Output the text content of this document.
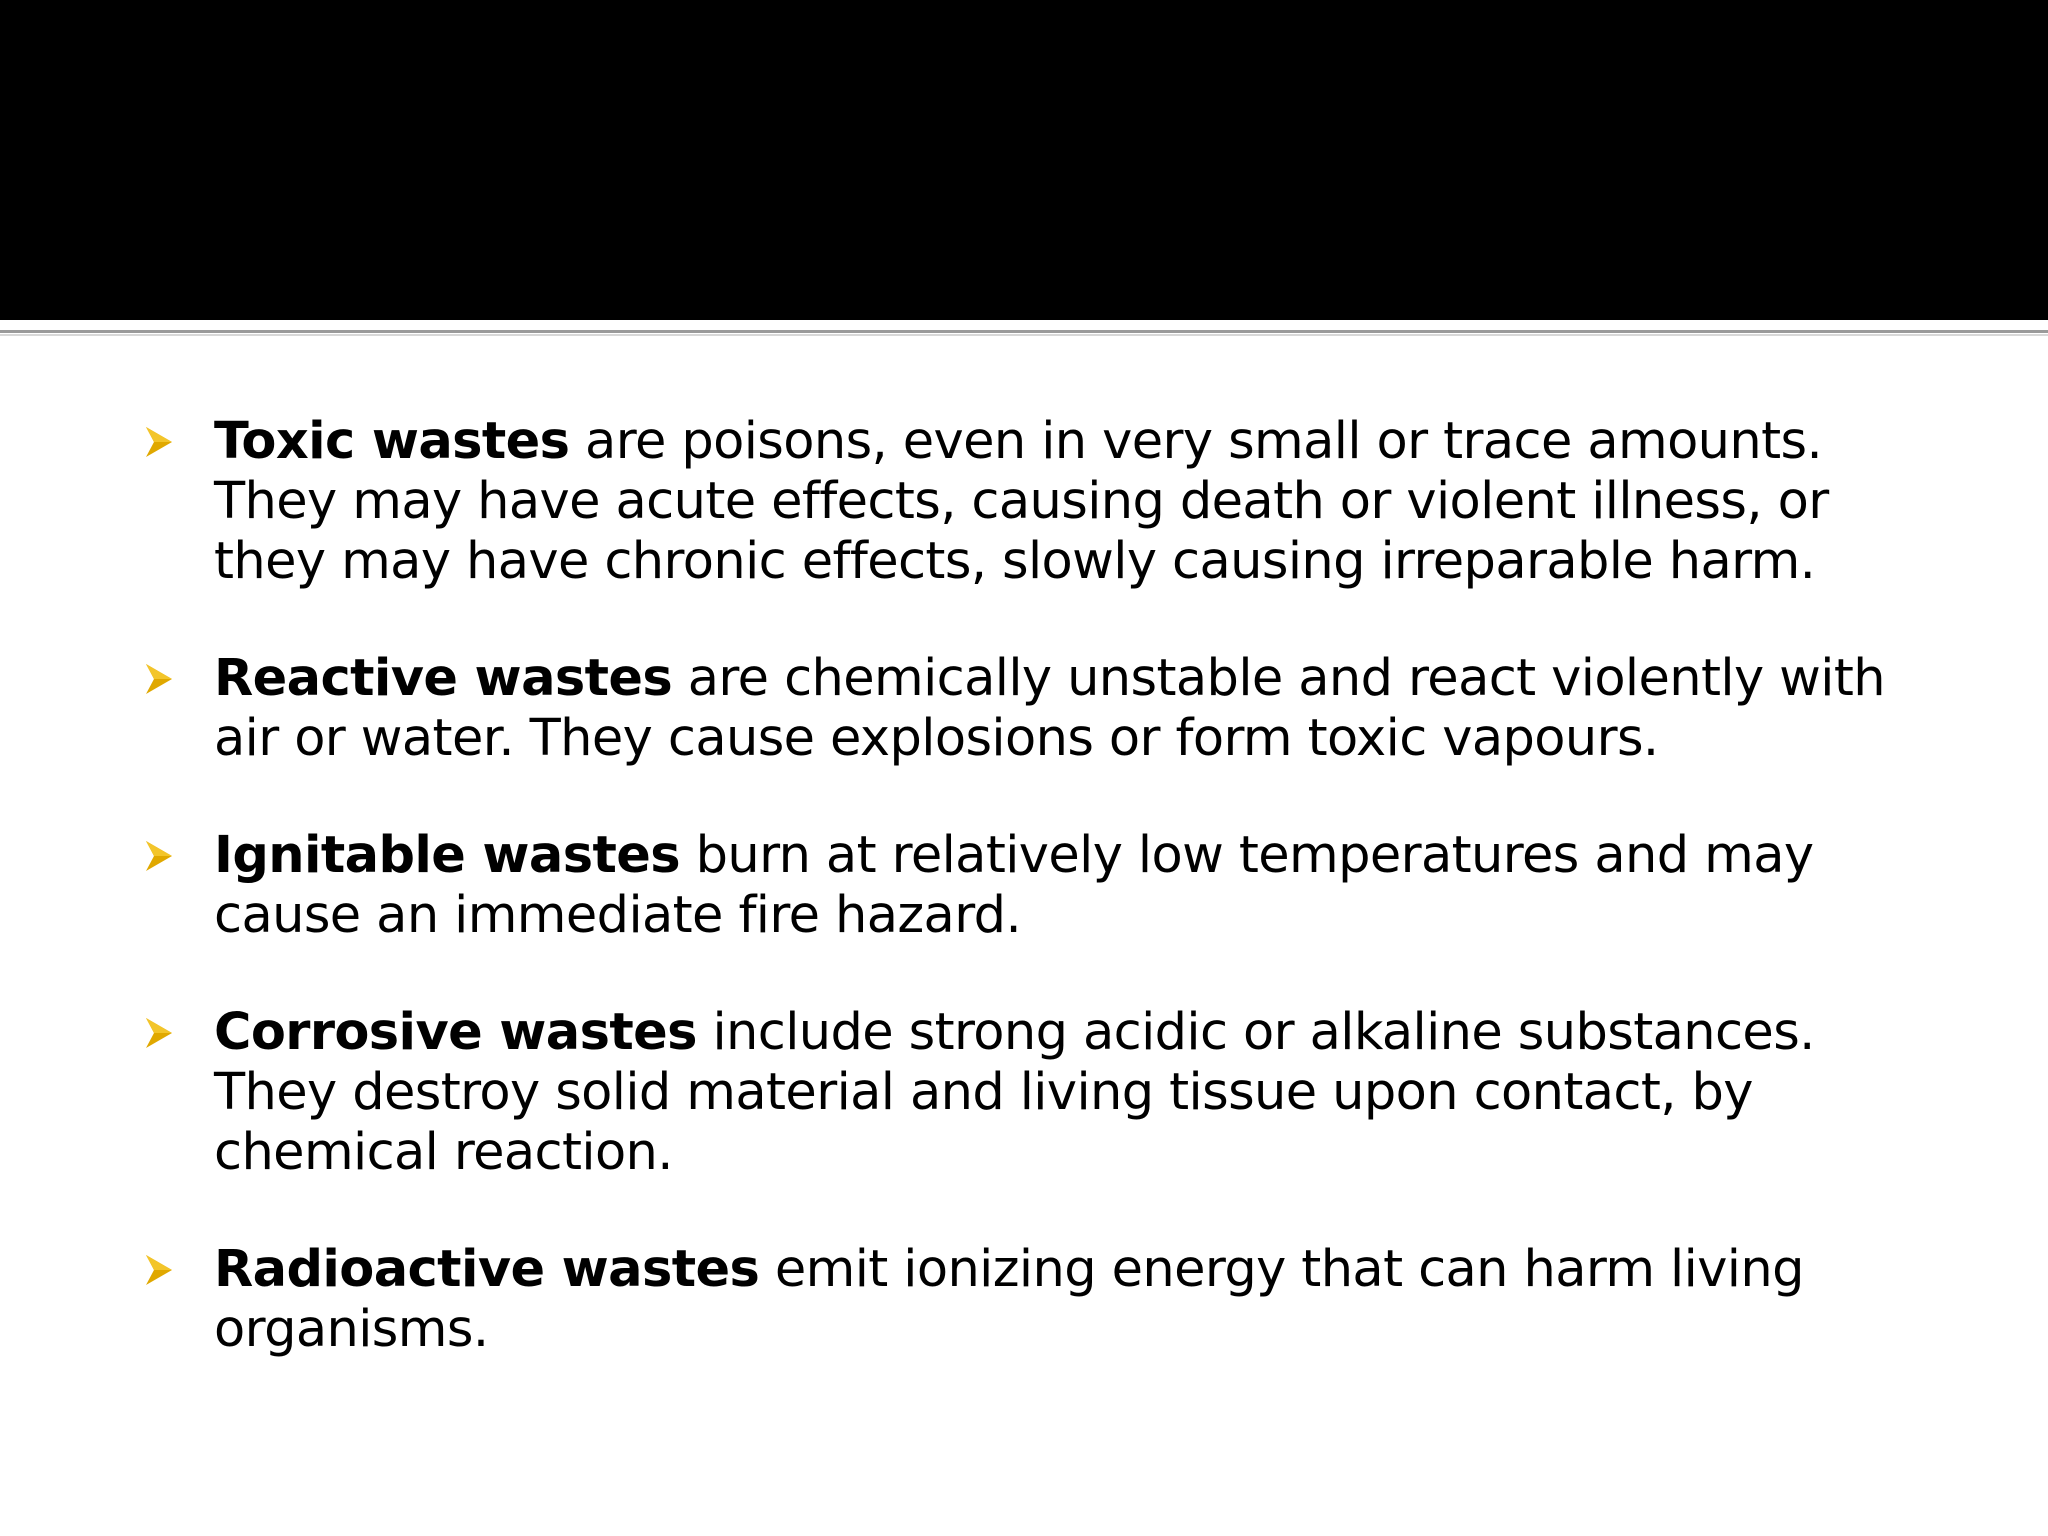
Toxic wastes are poisons, even in very small or trace amounts. They may have acute effects, causing death or violent illness, or they may have chronic effects, slowly causing irreparable harm.
Reactive wastes are chemically unstable and react violently with air or water. They cause explosions or form toxic vapours.
Ignitable wastes burn at relatively low temperatures and may cause an immediate fire hazard.
Corrosive wastes include strong acidic or alkaline substances. They destroy solid material and living tissue upon contact, by chemical reaction.
Radioactive wastes emit ionizing energy that can harm living organisms.
